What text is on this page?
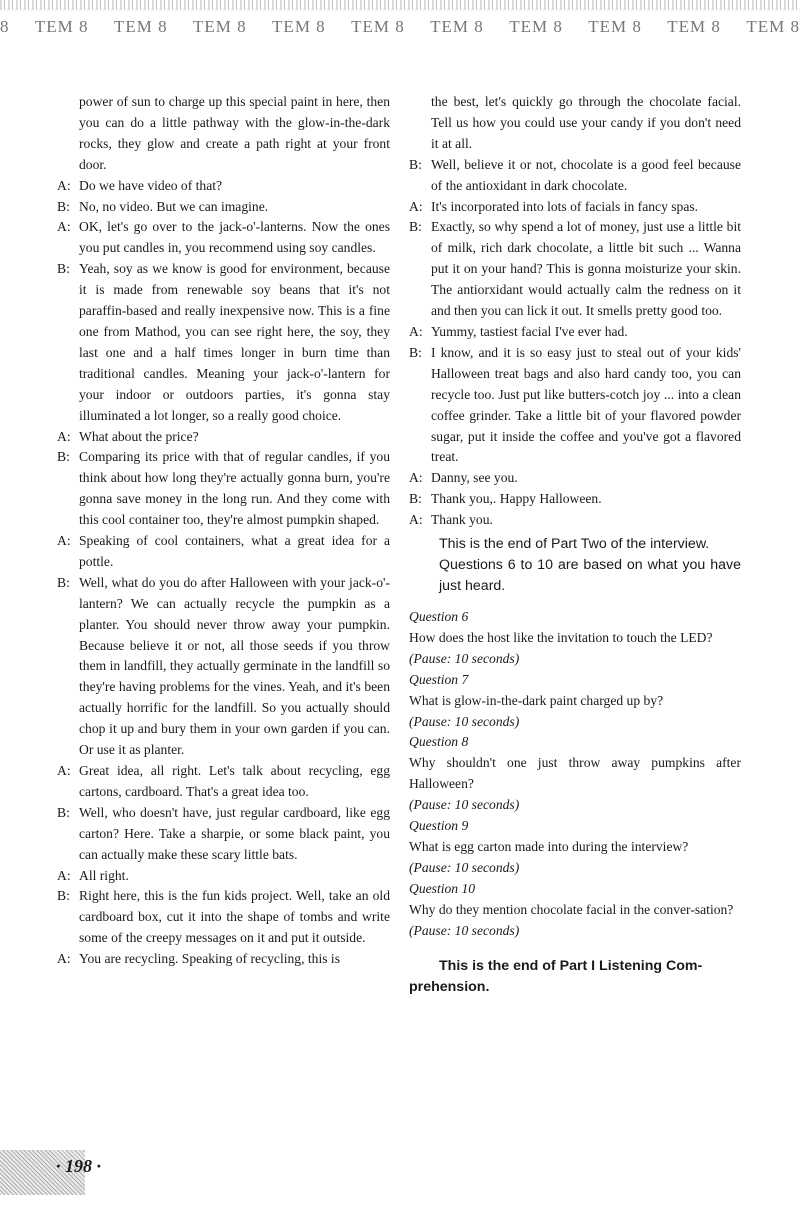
8 TEM 8 TEM 8 TEM 8 TEM 8 TEM 8 TEM 8 TEM 8 TEM 8 TEM 8 TEM 8

power of sun to charge up this special paint in here, then you can do a little pathway with the glow-in-the-dark rocks, they glow and create a path right at your front door.

A: Do we have video of that?
B: No, no video. But we can imagine.
A: OK, let's go over to the jack-o'-lanterns. Now the ones you put candles in, you recommend using soy candles.
B: Yeah, soy as we know is good for environment, because it is made from renewable soy beans that it's not paraffin-based and really inexpensive now. This is a fine one from Mathod, you can see right here, the soy, they last one and a half times longer in burn time than traditional candles. Meaning your jack-o'-lantern for your indoor or outdoors parties, it's gonna stay illuminated a lot longer, so a really good choice.
A: What about the price?
B: Comparing its price with that of regular candles, if you think about how long they're actually gonna burn, you're gonna save money in the long run. And they come with this cool container too, they're almost pumpkin shaped.
A: Speaking of cool containers, what a great idea for a pottle.
B: Well, what do you do after Halloween with your jack-o'-lantern? We can actually recycle the pumpkin as a planter. You should never throw away your pumpkin. Because believe it or not, all those seeds if you throw them in landfill, they actually germinate in the landfill so they're having problems for the vines. Yeah, and it's been actually horrific for the landfill. So you actually should chop it up and bury them in your own garden if you can. Or use it as planter.
A: Great idea, all right. Let's talk about recycling, egg cartons, cardboard. That's a great idea too.
B: Well, who doesn't have, just regular cardboard, like egg carton? Here. Take a sharpie, or some black paint, you can actually make these scary little bats.
A: All right.
B: Right here, this is the fun kids project. Well, take an old cardboard box, cut it into the shape of tombs and write some of the creepy messages on it and put it outside.
A: You are recycling. Speaking of recycling, this is

the best, let's quickly go through the chocolate facial. Tell us how you could use your candy if you don't need it at all.

B: Well, believe it or not, chocolate is a good feel because of the antioxidant in dark chocolate.
A: It's incorporated into lots of facials in fancy spas.
B: Exactly, so why spend a lot of money, just use a little bit of milk, rich dark chocolate, a little bit such ... Wanna put it on your hand? This is gonna moisturize your skin. The antiorxidant would actually calm the redness on it and then you can lick it out. It smells pretty good too.
A: Yummy, tastiest facial I've ever had.
B: I know, and it is so easy just to steal out of your kids' Halloween treat bags and also hard candy too, you can recycle too. Just put like butters-cotch joy ... into a clean coffee grinder. Take a little bit of your flavored powder sugar, put it inside the coffee and you've got a flavored treat.
A: Danny, see you.
B: Thank you,. Happy Halloween.
A: Thank you.
This is the end of Part Two of the interview.
Questions 6 to 10 are based on what you have just heard.
Question 6

How does the host like the invitation to touch the LED?

(Pause: 10 seconds)
Question 7

What is glow-in-the-dark paint charged up by?

(Pause: 10 seconds)
Question 8

Why shouldn't one just throw away pumpkins after Halloween?

(Pause: 10 seconds)
Question 9

What is egg carton made into during the interview?

(Pause: 10 seconds)
Question 10

Why do they mention chocolate facial in the conver-sation?

(Pause: 10 seconds)
This is the end of Part I Listening Com-
prehension.
· 198 ·
